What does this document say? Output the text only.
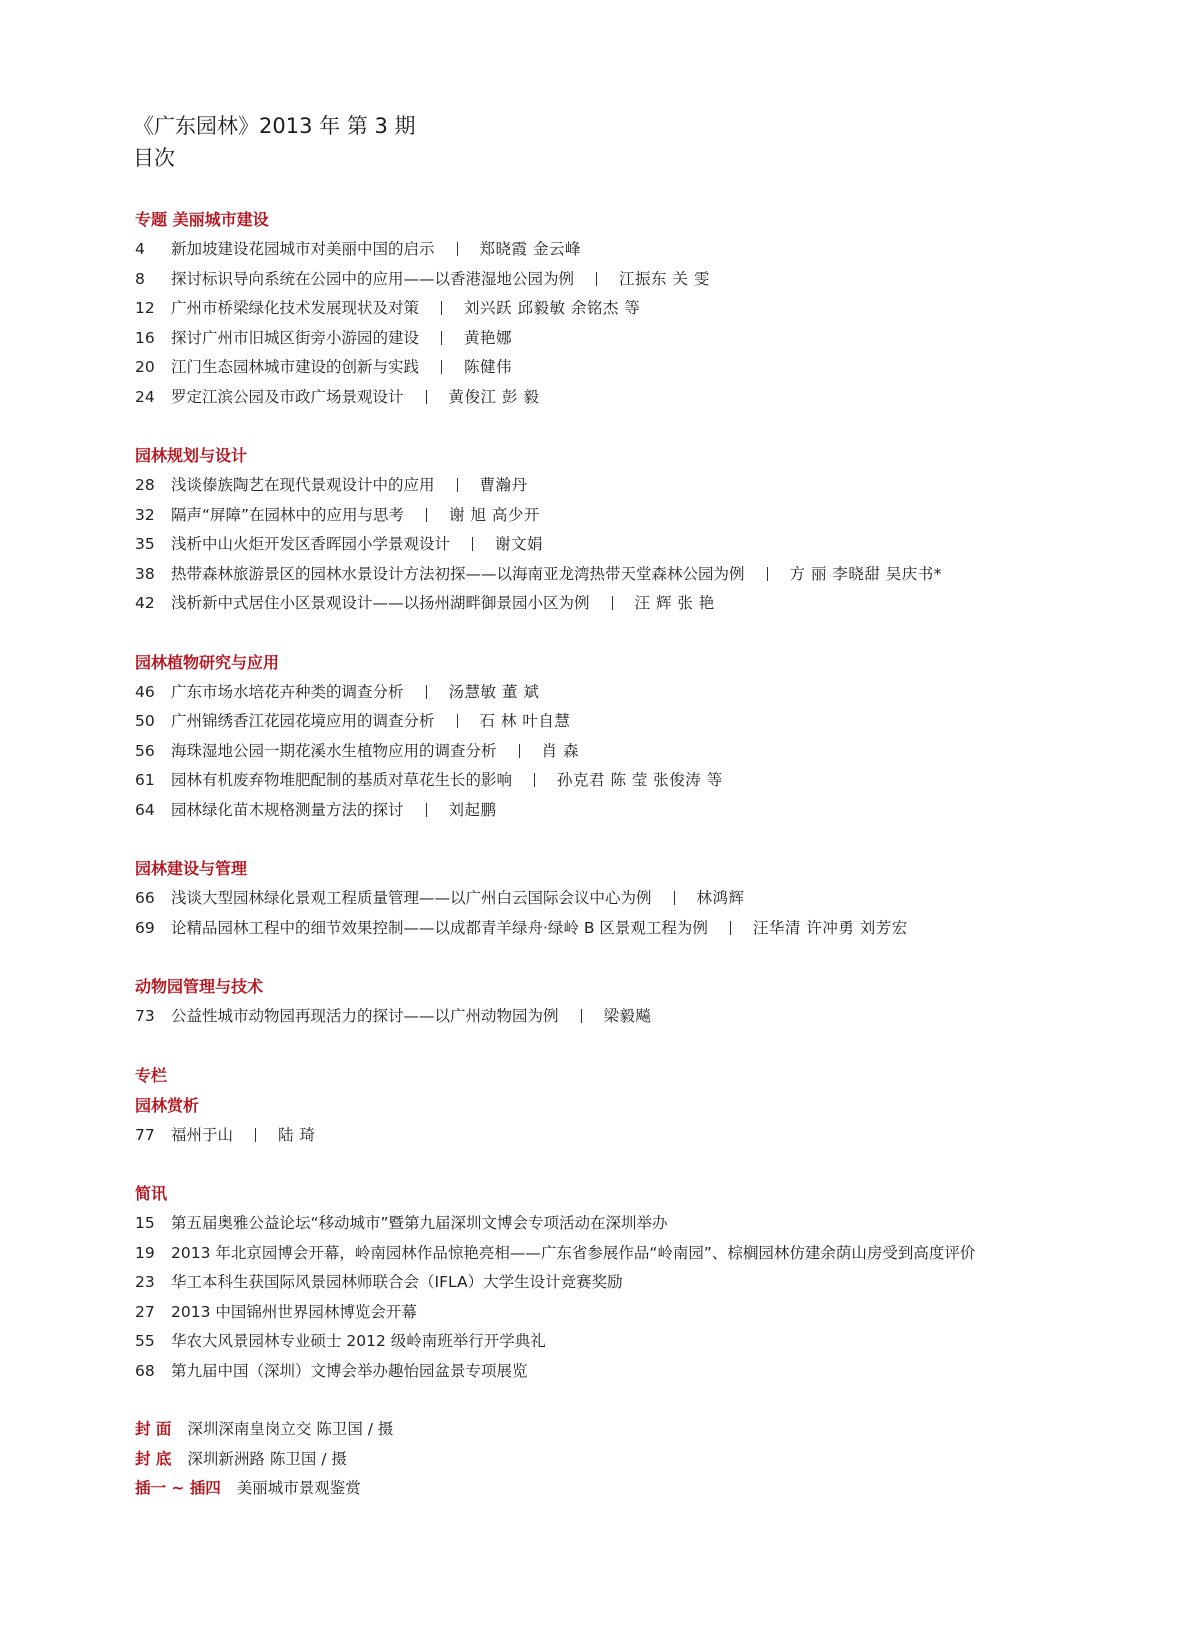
《广东园林》2013 年 第 3 期
目次
专题 美丽城市建设
4 新加坡建设花园城市对美丽中国的启示	郑晓霞 金云峰
8 探讨标识导向系统在公园中的应用——以香港湿地公园为例	江振东 关 雯
12 广州市桥梁绿化技术发展现状及对策	刘兴跃 邱毅敏 余铭杰 等
16 探讨广州市旧城区街旁小游园的建设	黄艳娜
20 江门生态园林城市建设的创新与实践	陈健伟
24 罗定江滨公园及市政广场景观设计	黄俊江 彭 毅
园林规划与设计
28 浅谈傣族陶艺在现代景观设计中的应用	曹瀚丹
32 隔声“屏障”在园林中的应用与思考	谢 旭 高少开
35 浅析中山火炬开发区香晖园小学景观设计	谢文娟
38 热带森林旅游景区的园林水景设计方法初探——以海南亚龙湾热带天堂森林公园为例	方 丽 李晓甜 吴庆书*
42 浅析新中式居住小区景观设计——以扬州湖畔御景园小区为例	汪 辉 张 艳
园林植物研究与应用
46 广东市场水培花卉种类的调查分析	汤慧敏 董 斌
50 广州锦绣香江花园花境应用的调查分析	石 林 叶自慧
56 海珠湿地公园一期花溪水生植物应用的调查分析	肖 森
61 园林有机废弃物堆肥配制的基质对草花生长的影响	孙克君 陈 莹 张俊涛 等
64 园林绿化苗木规格测量方法的探讨	刘起鹏
园林建设与管理
66 浅谈大型园林绿化景观工程质量管理——以广州白云国际会议中心为例	林鸿辉
69 论精品园林工程中的细节效果控制——以成都青羊绿舟·绿岭 B 区景观工程为例	汪华清 许冲勇 刘芳宏
动物园管理与技术
73 公益性城市动物园再现活力的探讨——以广州动物园为例	梁毅飚
专栏
园林赏析
77 福州于山	陆 琦
简讯
15 第五届奥雅公益论坛“移动城市”暨第九届深圳文博会专项活动在深圳举办
19 2013 年北京园博会开幕，岭南园林作品惊艳亮相——广东省参展作品“岭南园”、棕榈园林仿建余荫山房受到高度评价
23 华工本科生获国际风景园林师联合会（IFLA）大学生设计竞赛奖励
27 2013 中国锦州世界园林博览会开幕
55 华农大风景园林专业硕士 2012 级岭南班举行开学典礼
68 第九届中国（深圳）文博会举办趣怡园盆景专项展览
封 面 深圳深南皇岗立交 陈卫国 / 摄
封 底 深圳新洲路 陈卫国 / 摄
插一 ~ 插四 美丽城市景观鉴赏
